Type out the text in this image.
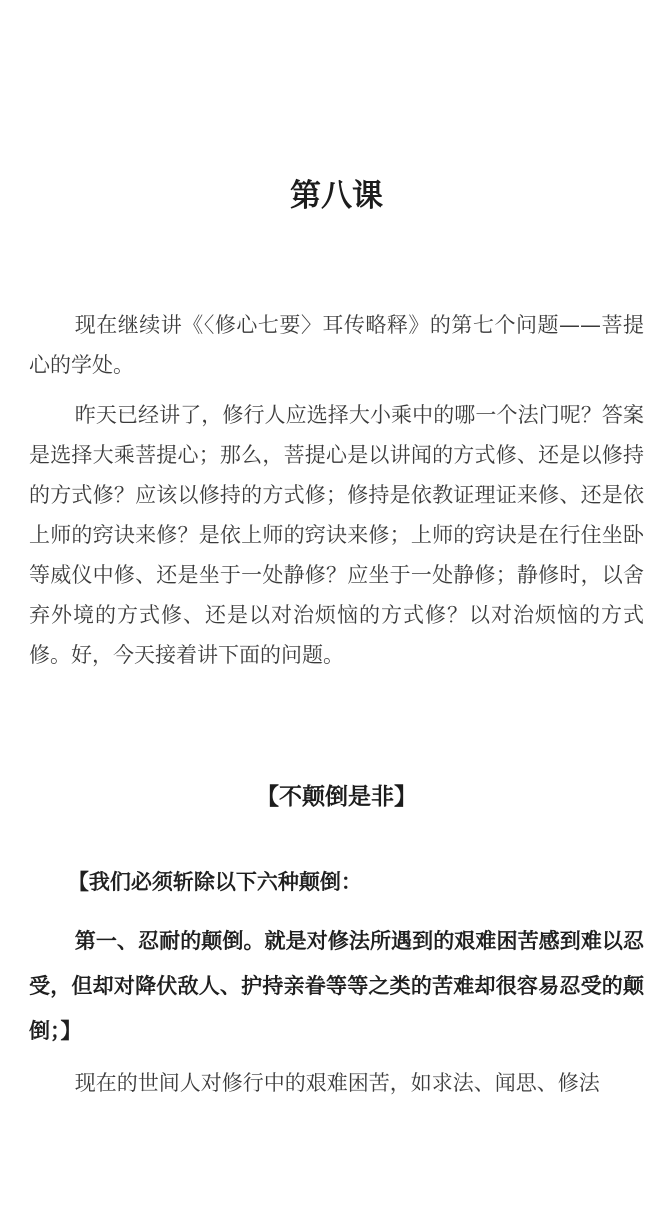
第八课

现在继续讲《〈修心七要〉耳传略释》的第七个问题——菩提心的学处。

昨天已经讲了，修行人应选择大小乘中的哪一个法门呢？答案是选择大乘菩提心；那么，菩提心是以讲闻的方式修、还是以修持的方式修？应该以修持的方式修；修持是依教证理证来修、还是依上师的窍诀来修？是依上师的窍诀来修；上师的窍诀是在行住坐卧等威仪中修、还是坐于一处静修？应坐于一处静修；静修时，以舍弃外境的方式修、还是以对治烦恼的方式修？以对治烦恼的方式修。好，今天接着讲下面的问题。

【不颠倒是非】

【我们必须斩除以下六种颠倒：

第一、忍耐的颠倒。就是对修法所遇到的艰难困苦感到难以忍受，但却对降伏敌人、护持亲眷等等之类的苦难却很容易忍受的颠倒；】

现在的世间人对修行中的艰难困苦，如求法、闻思、修法
